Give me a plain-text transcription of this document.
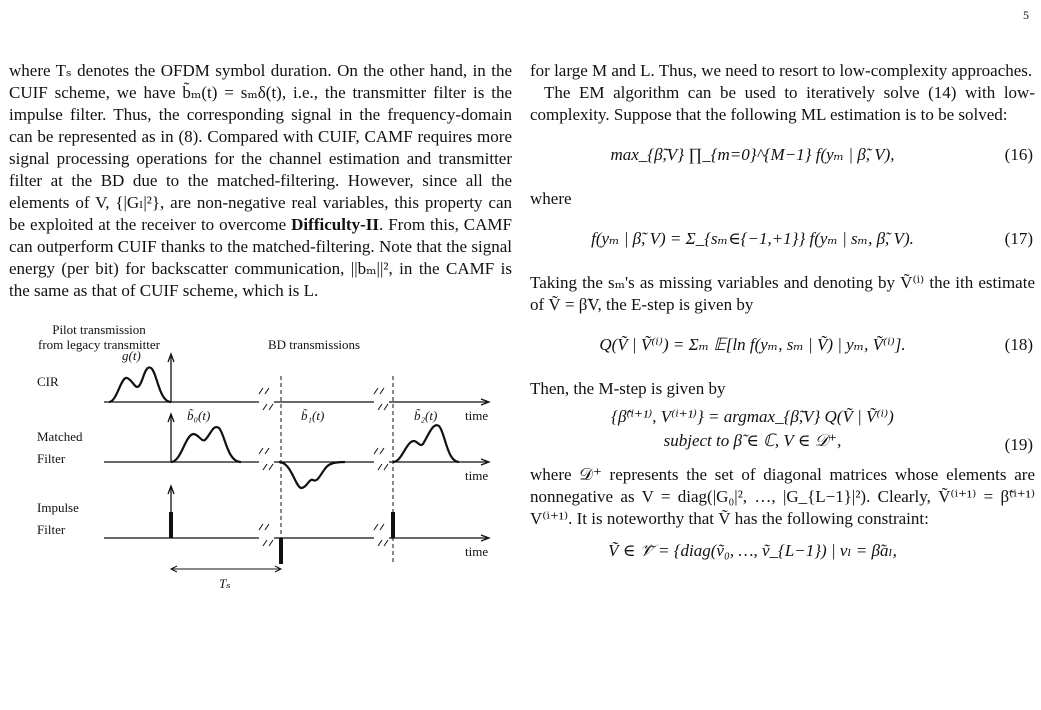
5

where Tₛ denotes the OFDM symbol duration. On the other hand, in the CUIF scheme, we have b̃ₘ(t) = sₘδ(t), i.e., the transmitter filter is the impulse filter. Thus, the corresponding signal in the frequency-domain can be represented as in (8). Compared with CUIF, CAMF requires more signal processing operations for the channel estimation and transmitter filter at the BD due to the matched-filtering. However, since all the elements of V, {|Gₗ|²}, are non-negative real variables, this property can be exploited at the receiver to overcome Difficulty-II. From this, CAMF can outperform CUIF thanks to the matched-filtering. Note that the signal energy (per bit) for backscatter communication, ||bₘ||², in the CAMF is the same as that of CUIF scheme, which is L.

Pilot transmission
from legacy transmitter	BD transmissions
CIR
Matched
Filter
Impulse
Filter
g(t)
time
b̃₀(t)	b̃₁(t)	b̃₂(t)
time
time
Tₛ

for large M and L. Thus, we need to resort to low-complexity approaches.

The EM algorithm can be used to iteratively solve (14) with low-complexity. Suppose that the following ML estimation is to be solved:

max_{β̃,V} ∏_{m=0}^{M−1} f(yₘ | β̃, V),	(16)

where

f(yₘ | β̃, V) = Σ_{sₘ∈{−1,+1}} f(yₘ | sₘ, β̃, V).	(17)

Taking the sₘ's as missing variables and denoting by Ṽ⁽ⁱ⁾ the ith estimate of Ṽ = β̃V, the E-step is given by

Q(Ṽ | Ṽ⁽ⁱ⁾) = Σₘ 𝔼[ln f(yₘ, sₘ | Ṽ) | yₘ, Ṽ⁽ⁱ⁾].	(18)

Then, the M-step is given by

{β̃⁽ⁱ⁺¹⁾, V⁽ⁱ⁺¹⁾} = argmax_{β̃,V} Q(Ṽ | Ṽ⁽ⁱ⁾)
subject to β̃ ∈ ℂ, V ∈ 𝒟⁺,	(19)

where 𝒟⁺ represents the set of diagonal matrices whose elements are nonnegative as V = diag(|G₀|², …, |G_{L−1}|²). Clearly, Ṽ⁽ⁱ⁺¹⁾ = β̃⁽ⁱ⁺¹⁾V⁽ⁱ⁺¹⁾. It is noteworthy that Ṽ has the following constraint:

Ṽ ∈ 𝒱̃ = {diag(ṽ₀, …, ṽ_{L−1}) | vₗ = β̃aₗ,
